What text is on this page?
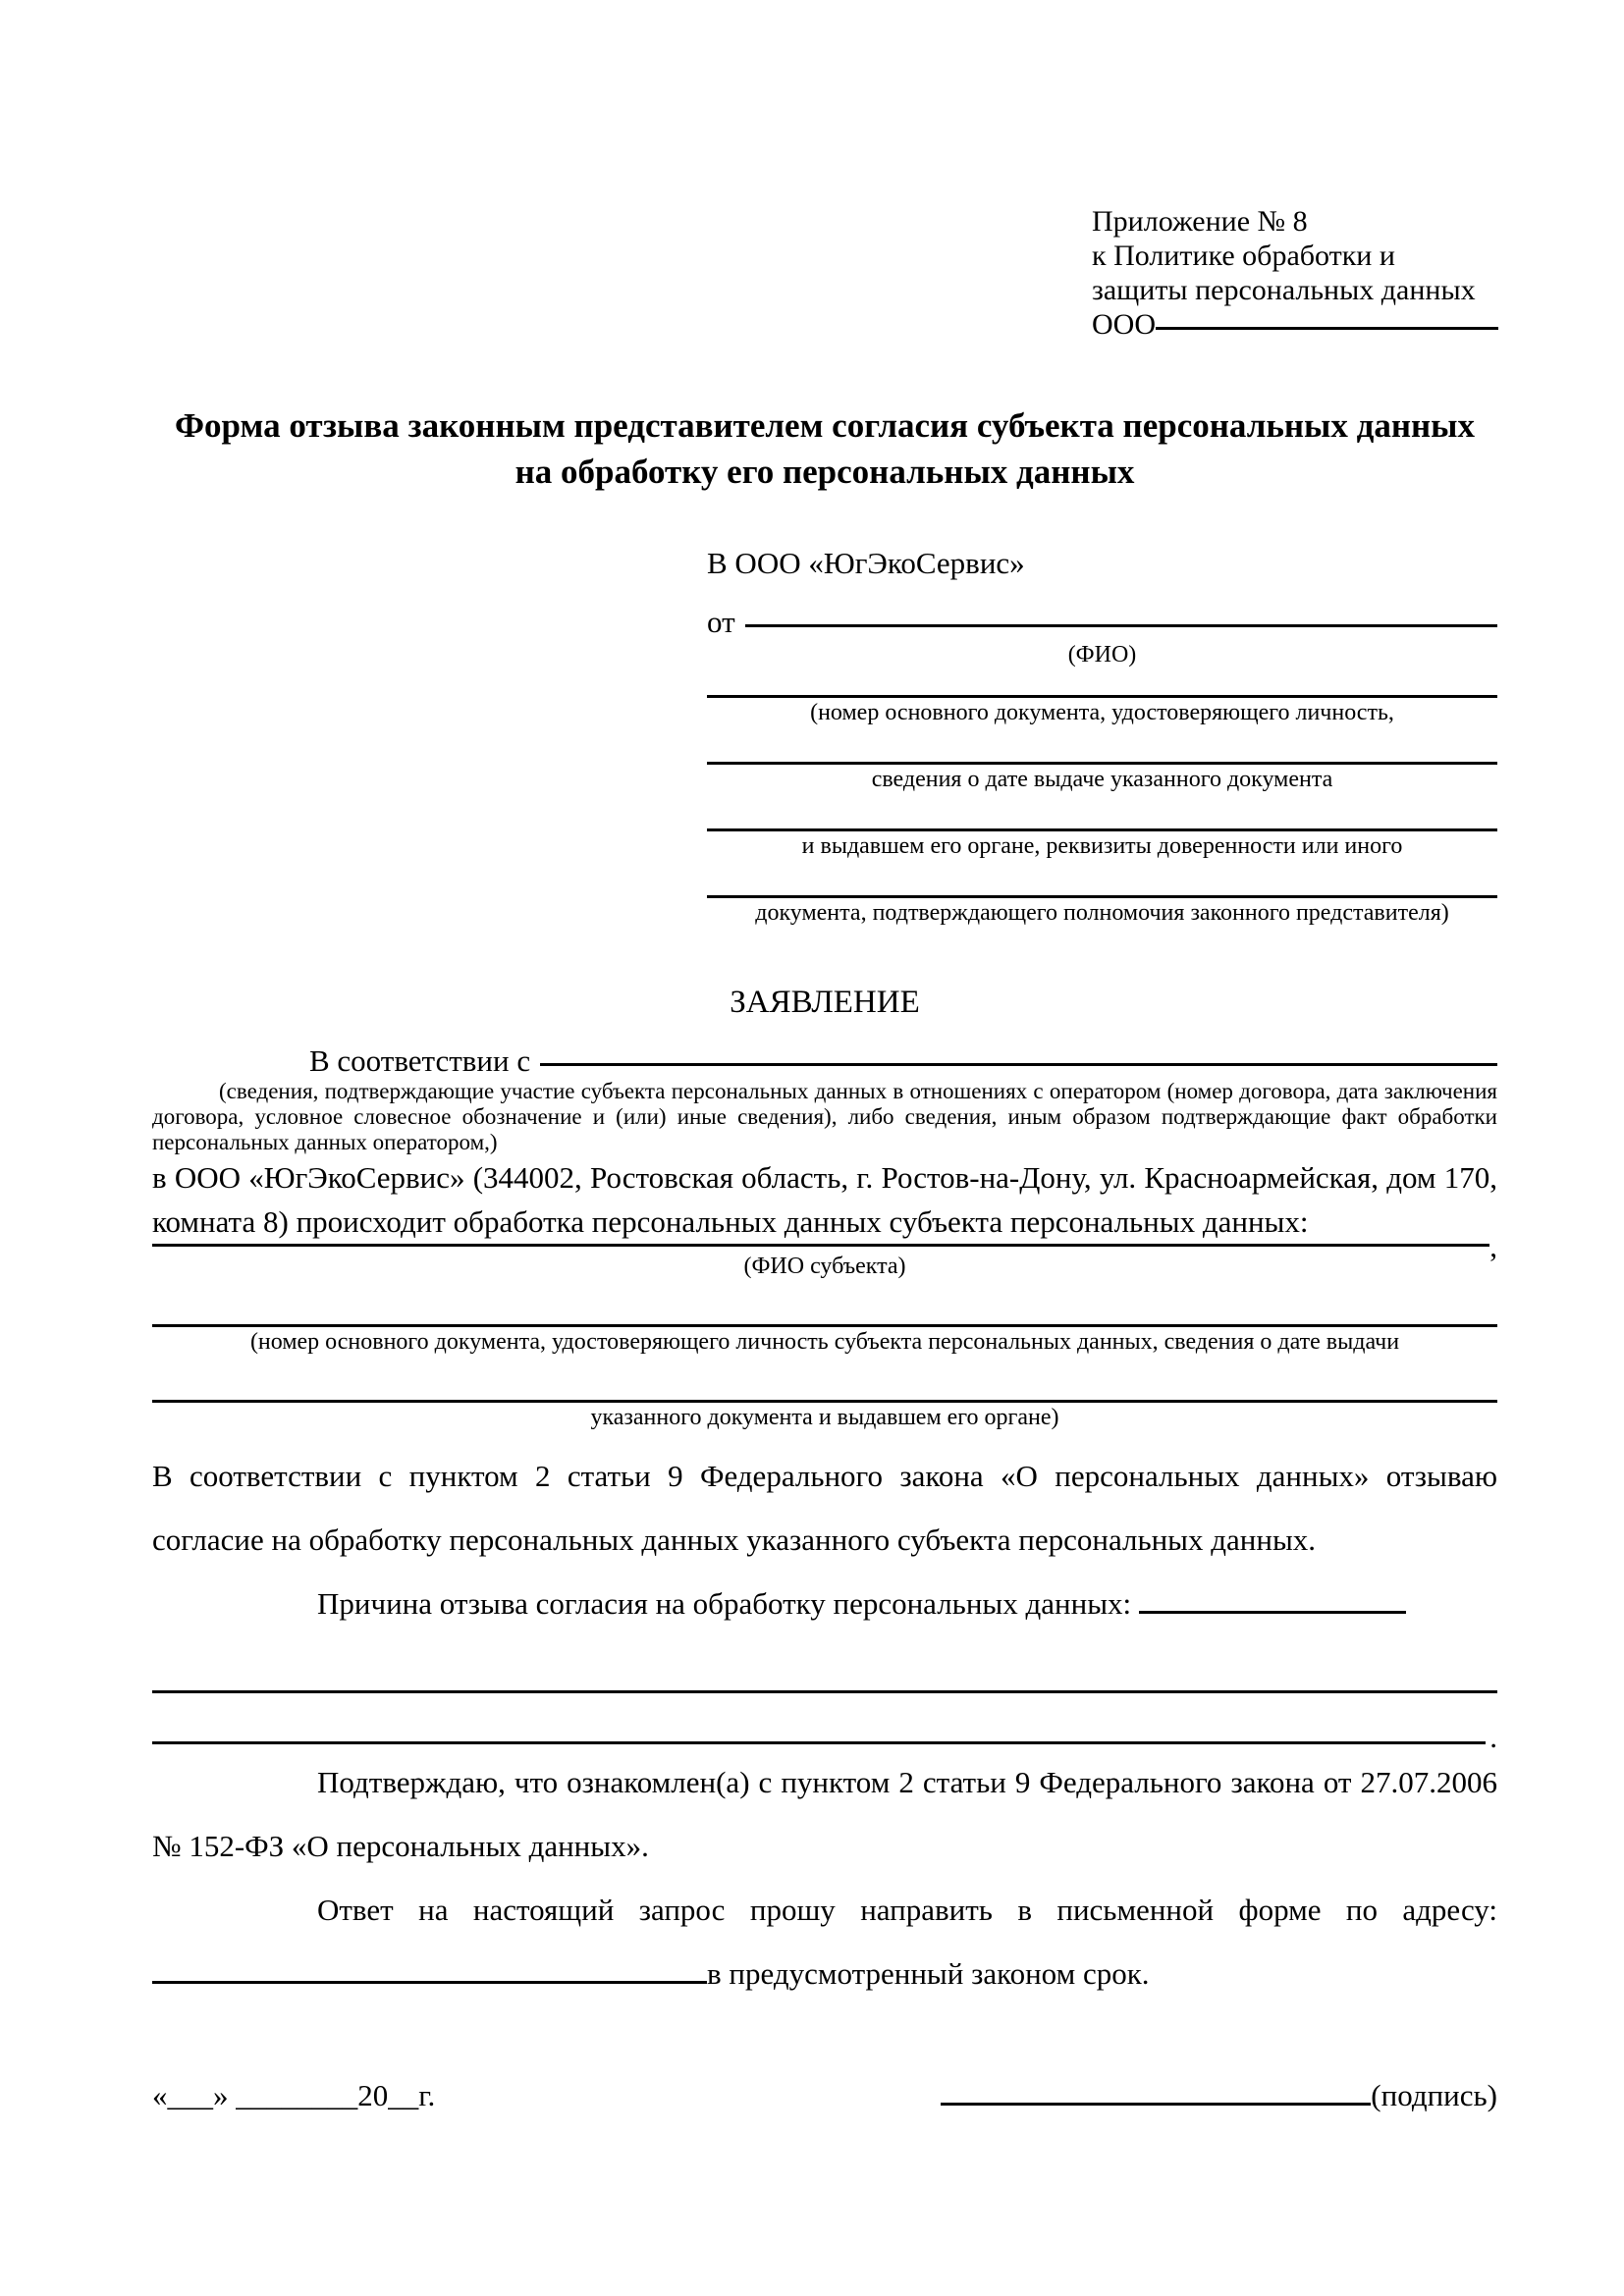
Приложение № 8
к Политике обработки и
защиты персональных данных
ООО
Форма отзыва законным представителем согласия субъекта персональных данных на обработку его персональных данных
В ООО «ЮгЭкоСервис»
от
(ФИО)
(номер основного документа, удостоверяющего личность,
сведения о дате выдаче указанного документа
и выдавшем его органе, реквизиты доверенности или иного
документа, подтверждающего полномочия законного представителя)
ЗАЯВЛЕНИЕ
В соответствии с
(сведения, подтверждающие участие субъекта персональных данных в отношениях с оператором (номер договора, дата заключения договора, условное словесное обозначение и (или) иные сведения), либо сведения, иным образом подтверждающие факт обработки персональных данных оператором,)
в ООО «ЮгЭкоСервис» (344002, Ростовская область, г. Ростов-на-Дону, ул. Красноармейская, дом 170, комната 8) происходит обработка персональных данных субъекта персональных данных:
,
(ФИО субъекта)
(номер основного документа, удостоверяющего личность субъекта персональных данных, сведения о дате выдачи
указанного документа и выдавшем его органе)
В соответствии с пунктом 2 статьи 9 Федерального закона «О персональных данных» отзываю согласие на обработку персональных данных указанного субъекта персональных данных.
Причина отзыва согласия на обработку персональных данных:
.
Подтверждаю, что ознакомлен(а) с пунктом 2 статьи 9 Федерального закона от 27.07.2006 № 152-ФЗ «О персональных данных».
Ответ на настоящий запрос прошу направить в письменной форме по адресу:
в предусмотренный законом срок.
«___» ________20__г.	(подпись)
